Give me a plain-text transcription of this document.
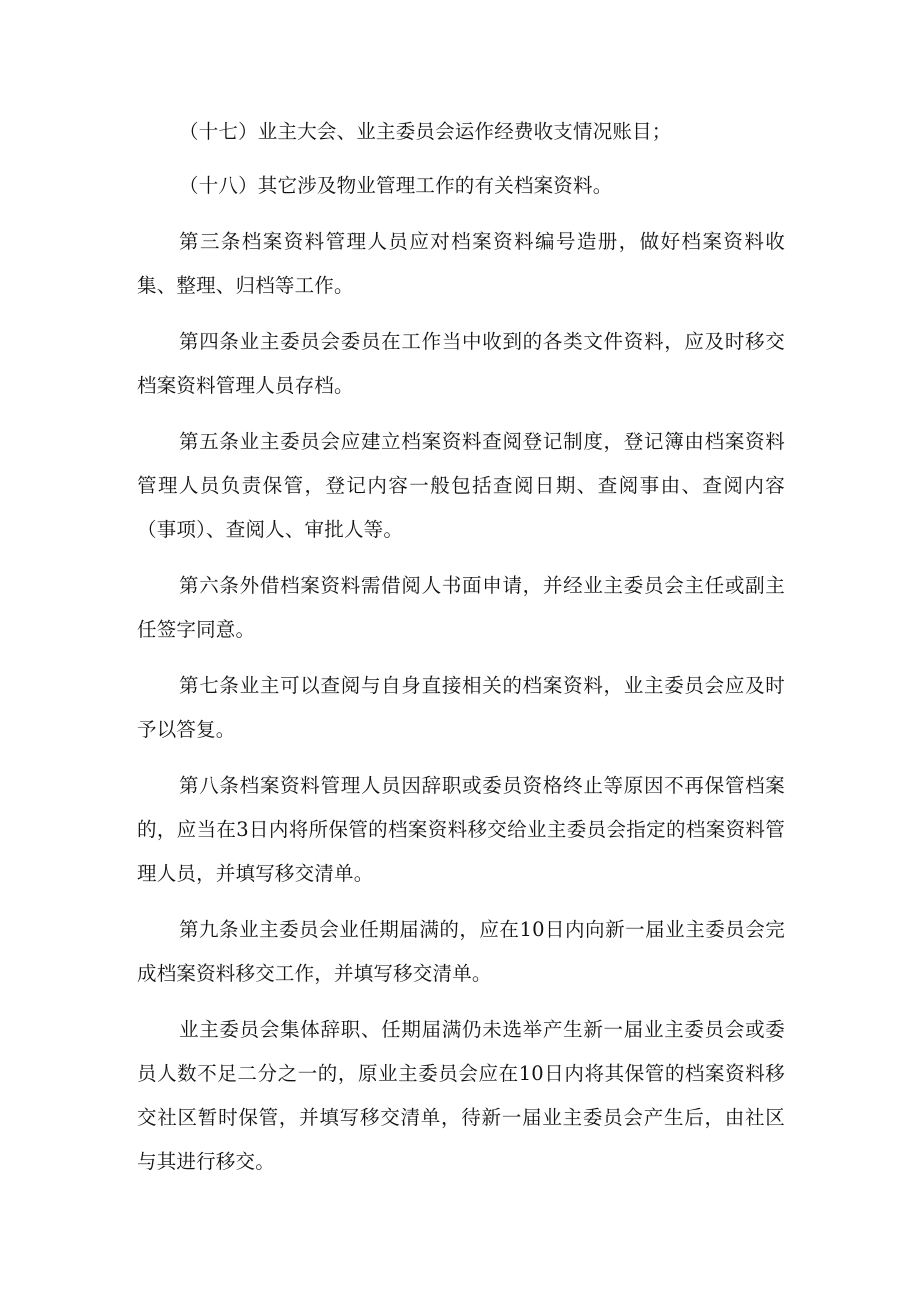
（十七）业主大会、业主委员会运作经费收支情况账目；

（十八）其它涉及物业管理工作的有关档案资料。

第三条档案资料管理人员应对档案资料编号造册，做好档案资料收集、整理、归档等工作。

第四条业主委员会委员在工作当中收到的各类文件资料，应及时移交档案资料管理人员存档。

第五条业主委员会应建立档案资料查阅登记制度，登记簿由档案资料管理人员负责保管，登记内容一般包括查阅日期、查阅事由、查阅内容（事项）、查阅人、审批人等。

第六条外借档案资料需借阅人书面申请，并经业主委员会主任或副主任签字同意。

第七条业主可以查阅与自身直接相关的档案资料，业主委员会应及时予以答复。

第八条档案资料管理人员因辞职或委员资格终止等原因不再保管档案的，应当在3日内将所保管的档案资料移交给业主委员会指定的档案资料管理人员，并填写移交清单。

第九条业主委员会业任期届满的，应在10日内向新一届业主委员会完成档案资料移交工作，并填写移交清单。

业主委员会集体辞职、任期届满仍未选举产生新一届业主委员会或委员人数不足二分之一的，原业主委员会应在10日内将其保管的档案资料移交社区暂时保管，并填写移交清单，待新一届业主委员会产生后，由社区与其进行移交。
